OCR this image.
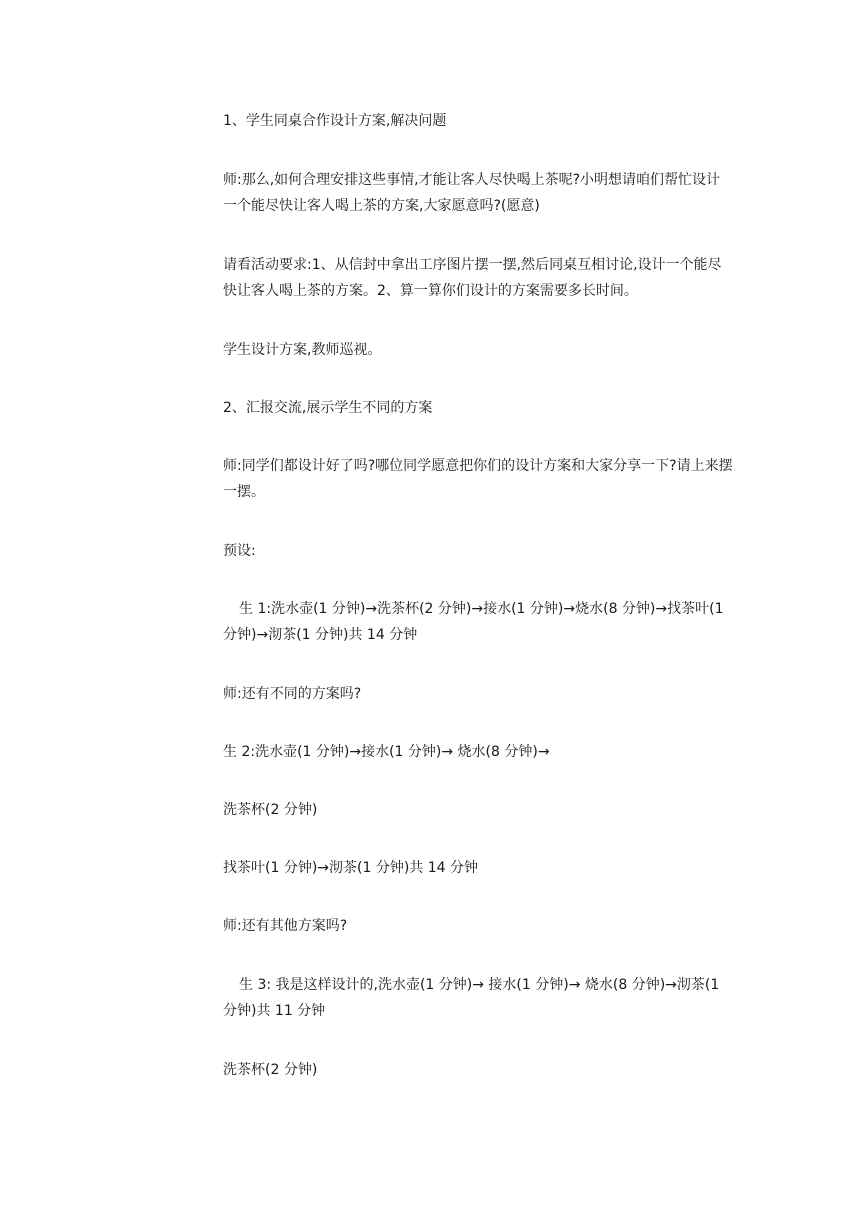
1、学生同桌合作设计方案,解决问题

师:那么,如何合理安排这些事情,才能让客人尽快喝上茶呢?小明想请咱们帮忙设计一个能尽快让客人喝上茶的方案,大家愿意吗?(愿意)

请看活动要求:1、从信封中拿出工序图片摆一摆,然后同桌互相讨论,设计一个能尽快让客人喝上茶的方案。2、算一算你们设计的方案需要多长时间。

学生设计方案,教师巡视。

2、汇报交流,展示学生不同的方案

师:同学们都设计好了吗?哪位同学愿意把你们的设计方案和大家分享一下?请上来摆一摆。

预设:

生 1:洗水壶(1 分钟)→洗茶杯(2 分钟)→接水(1 分钟)→烧水(8 分钟)→找茶叶(1 分钟)→沏茶(1 分钟)共 14 分钟

师:还有不同的方案吗?

生 2:洗水壶(1 分钟)→接水(1 分钟)→ 烧水(8 分钟)→

洗茶杯(2 分钟)

找茶叶(1 分钟)→沏茶(1 分钟)共 14 分钟

师:还有其他方案吗?

生 3: 我是这样设计的,洗水壶(1 分钟)→ 接水(1 分钟)→ 烧水(8 分钟)→沏茶(1 分钟)共 11 分钟

洗茶杯(2 分钟)
